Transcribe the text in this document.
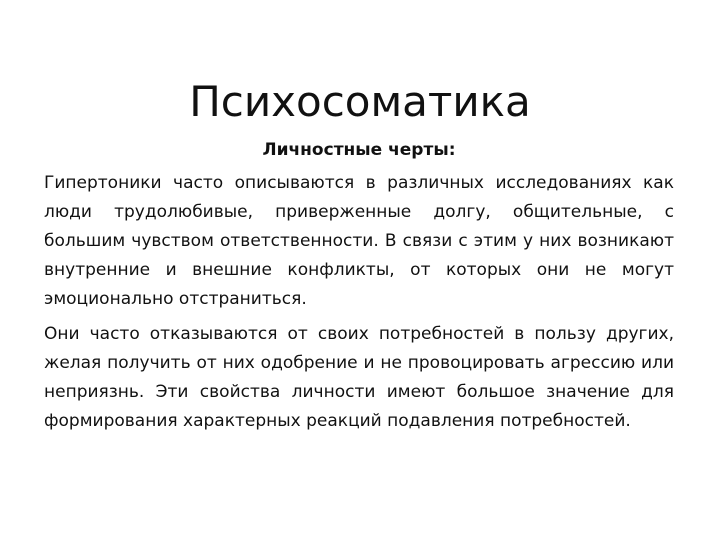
Психосоматика

Личностные черты:

Гипертоники часто описываются в различных исследованиях как люди трудолюбивые, приверженные долгу, общительные, с большим чувством ответственности. В связи с этим у них возникают внутренние и внешние конфликты, от которых они не могут эмоционально отстраниться.

Они часто отказываются от своих потребностей в пользу других, желая получить от них одобрение и не провоцировать агрессию или неприязнь. Эти свойства личности имеют большое значение для формирования характерных реакций подавления потребностей.
